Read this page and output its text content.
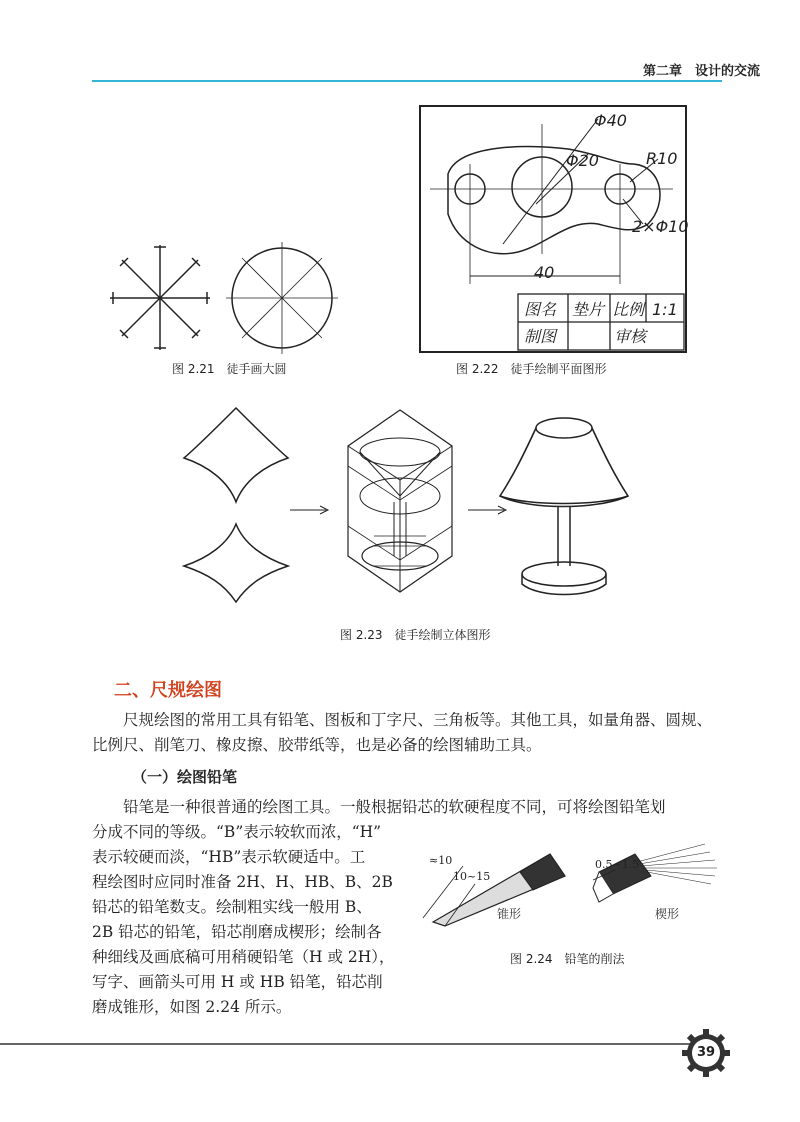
第二章　设计的交流
图 2.21　徒手画大圆
Φ40
Φ20	R10
2×Φ10
40
图名 垫片 比例 1:1
制图	审核
图 2.22　徒手绘制平面图形
图 2.23　徒手绘制立体图形
二、尺规绘图
尺规绘图的常用工具有铅笔、图板和丁字尺、三角板等。其他工具，如量角器、圆规、比例尺、削笔刀、橡皮擦、胶带纸等，也是必备的绘图辅助工具。
（一）绘图铅笔
铅笔是一种很普通的绘图工具。一般根据铅芯的软硬程度不同，可将绘图铅笔划
分成不同的等级。“B”表示较软而浓，“H”
表示较硬而淡，“HB”表示软硬适中。工
程绘图时应同时准备 2H、H、HB、B、2B
铅芯的铅笔数支。绘制粗实线一般用 B、
2B 铅芯的铅笔，铅芯削磨成楔形；绘制各
种细线及画底稿可用稍硬铅笔（H 或 2H），
写字、画箭头可用 H 或 HB 铅笔，铅芯削
磨成锥形，如图 2.24 所示。
≈10
10~15
锥形
0.5~1.5
楔形
图 2.24　铅笔的削法
39
